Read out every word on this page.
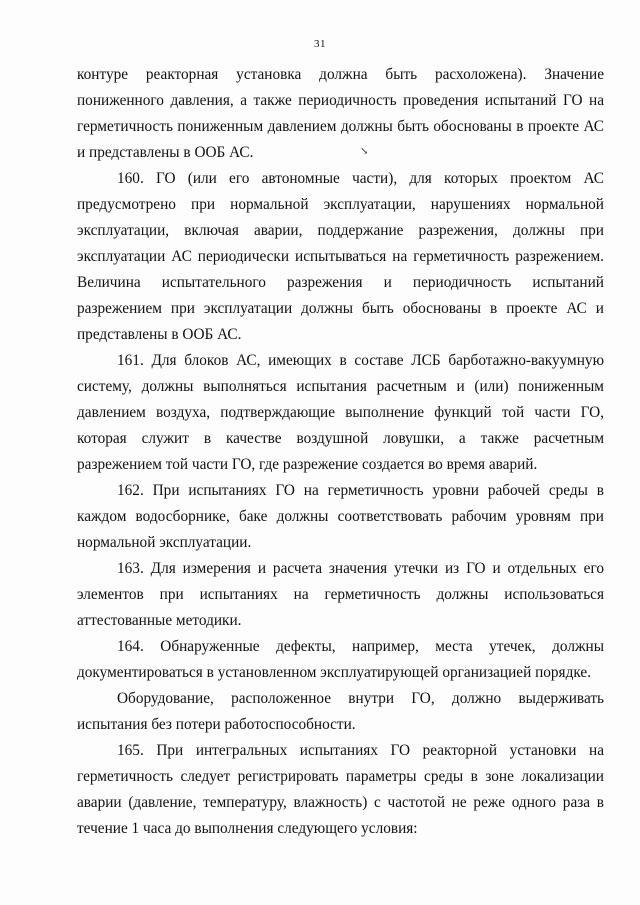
31
↘

контуре реакторная установка должна быть расхоложена). Значение пониженного давления, а также периодичность проведения испытаний ГО на герметичность пониженным давлением должны быть обоснованы в проекте АС и представлены в ООБ АС.

160. ГО (или его автономные части), для которых проектом АС предусмотрено при нормальной эксплуатации, нарушениях нормальной эксплуатации, включая аварии, поддержание разрежения, должны при эксплуатации АС периодически испытываться на герметичность разрежением. Величина испытательного разрежения и периодичность испытаний разрежением при эксплуатации должны быть обоснованы в проекте АС и представлены в ООБ АС.

161. Для блоков АС, имеющих в составе ЛСБ барботажно-вакуумную систему, должны выполняться испытания расчетным и (или) пониженным давлением воздуха, подтверждающие выполнение функций той части ГО, которая служит в качестве воздушной ловушки, а также расчетным разрежением той части ГО, где разрежение создается во время аварий.

162. При испытаниях ГО на герметичность уровни рабочей среды в каждом водосборнике, баке должны соответствовать рабочим уровням при нормальной эксплуатации.

163. Для измерения и расчета значения утечки из ГО и отдельных его элементов при испытаниях на герметичность должны использоваться аттестованные методики.

164. Обнаруженные дефекты, например, места утечек, должны документироваться в установленном эксплуатирующей организацией порядке.

Оборудование, расположенное внутри ГО, должно выдерживать испытания без потери работоспособности.

165. При интегральных испытаниях ГО реакторной установки на герметичность следует регистрировать параметры среды в зоне локализации аварии (давление, температуру, влажность) с частотой не реже одного раза в течение 1 часа до выполнения следующего условия:
